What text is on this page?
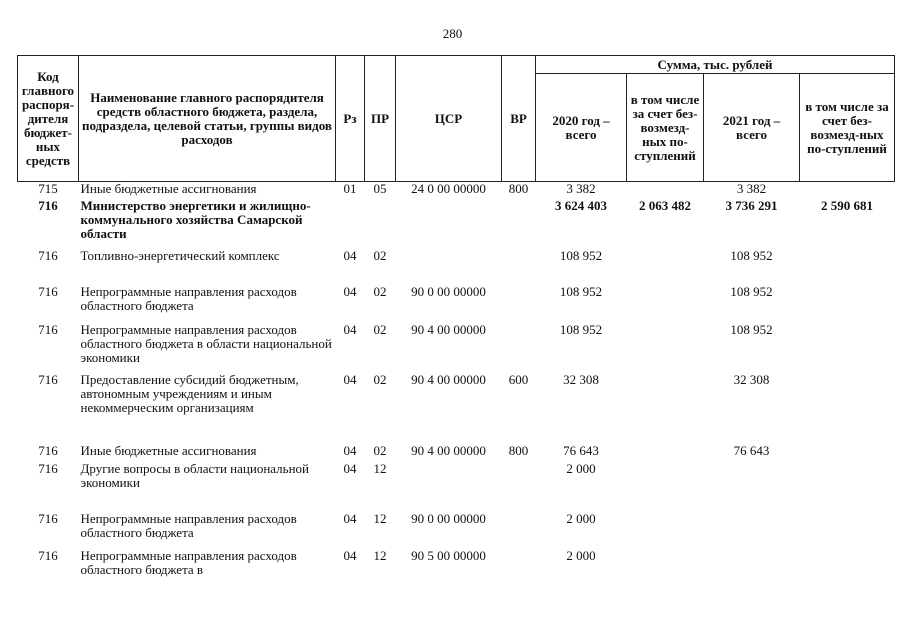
280
Код главного распоря-дителя бюджет-ных средств	Наименование главного распорядителя средств областного бюджета, раздела, подраздела, целевой статьи, группы видов расходов	Рз	ПР	ЦСР	ВР	Сумма, тыс. рублей			
						2020 год – всего	в том числе за счет без-возмезд-ных по-ступлений	2021 год – всего	в том числе за счет без-возмезд-ных по-ступлений
715	Иные бюджетные ассигнования	01	05	24 0 00 00000	800	3 382		3 382	
716	Министерство энергетики и жилищно-коммунального хозяйства Самарской области					3 624 403	2 063 482	3 736 291	2 590 681
716	Топливно-энергетический комплекс	04	02			108 952		108 952	
716	Непрограммные направления расходов областного бюджета	04	02	90 0 00 00000		108 952		108 952	
716	Непрограммные направления расходов областного бюджета в области национальной экономики	04	02	90 4 00 00000		108 952		108 952	
716	Предоставление субсидий бюджетным, автономным учреждениям и иным некоммерческим организациям	04	02	90 4 00 00000	600	32 308		32 308	
716	Иные бюджетные ассигнования	04	02	90 4 00 00000	800	76 643		76 643	
716	Другие вопросы в области национальной экономики	04	12			2 000			
716	Непрограммные направления расходов областного бюджета	04	12	90 0 00 00000		2 000			
716	Непрограммные направления расходов областного бюджета в	04	12	90 5 00 00000		2 000			
